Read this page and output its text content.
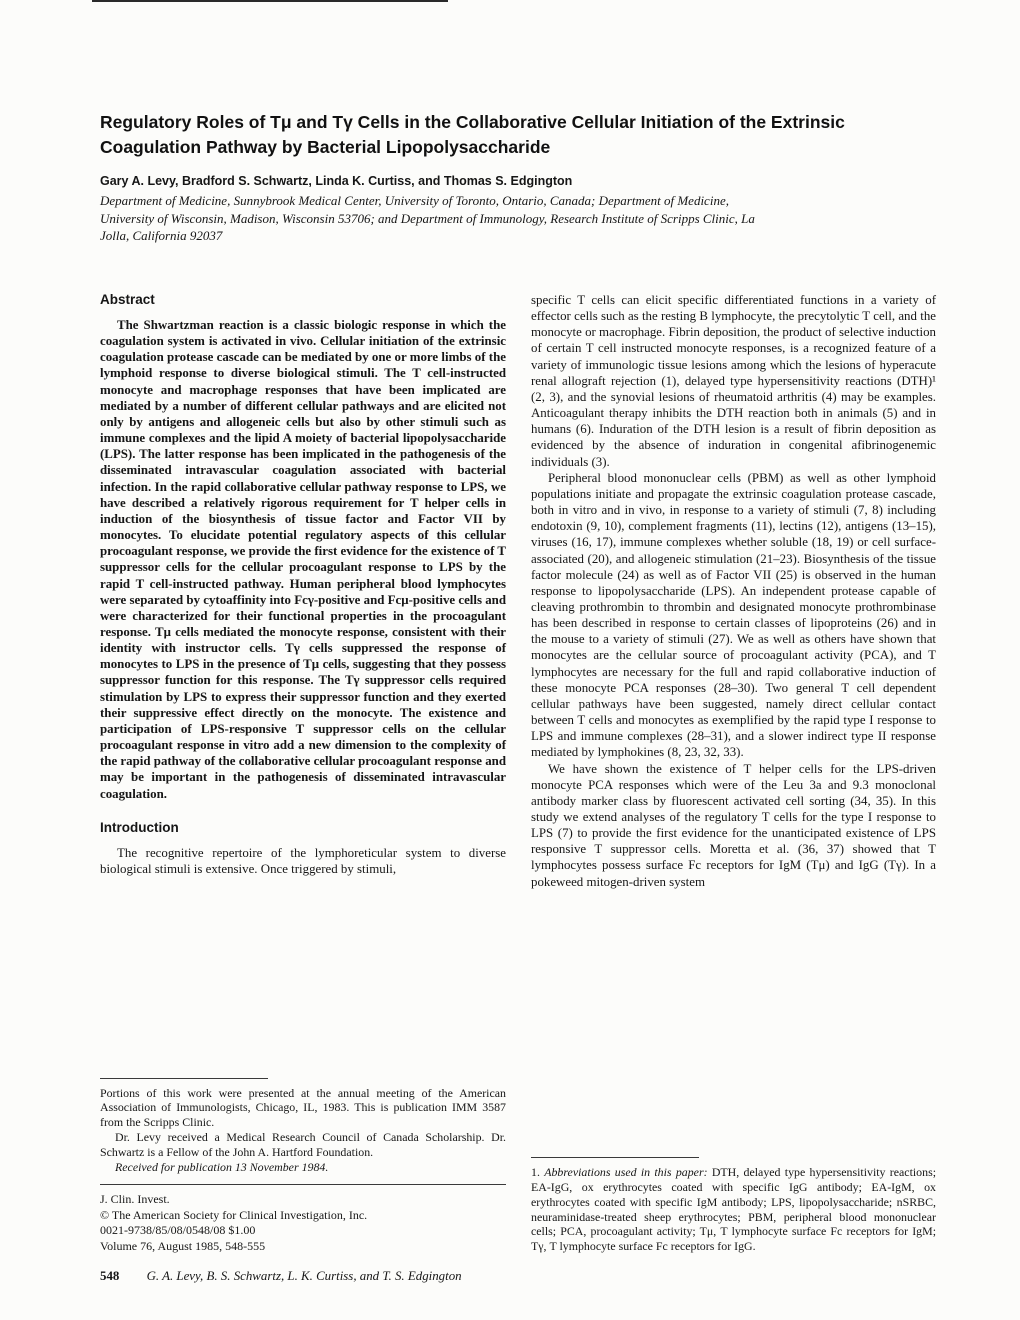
Regulatory Roles of Tμ and Tγ Cells in the Collaborative Cellular Initiation of the Extrinsic Coagulation Pathway by Bacterial Lipopolysaccharide
Gary A. Levy, Bradford S. Schwartz, Linda K. Curtiss, and Thomas S. Edgington
Department of Medicine, Sunnybrook Medical Center, University of Toronto, Ontario, Canada; Department of Medicine, University of Wisconsin, Madison, Wisconsin 53706; and Department of Immunology, Research Institute of Scripps Clinic, La Jolla, California 92037
Abstract

The Shwartzman reaction is a classic biologic response in which the coagulation system is activated in vivo. Cellular initiation of the extrinsic coagulation protease cascade can be mediated by one or more limbs of the lymphoid response to diverse biological stimuli. The T cell-instructed monocyte and macrophage responses that have been implicated are mediated by a number of different cellular pathways and are elicited not only by antigens and allogeneic cells but also by other stimuli such as immune complexes and the lipid A moiety of bacterial lipopolysaccharide (LPS). The latter response has been implicated in the pathogenesis of the disseminated intravascular coagulation associated with bacterial infection. In the rapid collaborative cellular pathway response to LPS, we have described a relatively rigorous requirement for T helper cells in induction of the biosynthesis of tissue factor and Factor VII by monocytes. To elucidate potential regulatory aspects of this cellular procoagulant response, we provide the first evidence for the existence of T suppressor cells for the cellular procoagulant response to LPS by the rapid T cell-instructed pathway. Human peripheral blood lymphocytes were separated by cytoaffinity into Fcγ-positive and Fcμ-positive cells and were characterized for their functional properties in the procoagulant response. Tμ cells mediated the monocyte response, consistent with their identity with instructor cells. Tγ cells suppressed the response of monocytes to LPS in the presence of Tμ cells, suggesting that they possess suppressor function for this response. The Tγ suppressor cells required stimulation by LPS to express their suppressor function and they exerted their suppressive effect directly on the monocyte. The existence and participation of LPS-responsive T suppressor cells on the cellular procoagulant response in vitro add a new dimension to the complexity of the rapid pathway of the collaborative cellular procoagulant response and may be important in the pathogenesis of disseminated intravascular coagulation.

Introduction

The recognitive repertoire of the lymphoreticular system to diverse biological stimuli is extensive. Once triggered by stimuli,

Portions of this work were presented at the annual meeting of the American Association of Immunologists, Chicago, IL, 1983. This is publication IMM 3587 from the Scripps Clinic.

Dr. Levy received a Medical Research Council of Canada Scholarship. Dr. Schwartz is a Fellow of the John A. Hartford Foundation.

Received for publication 13 November 1984.

J. Clin. Invest.

© The American Society for Clinical Investigation, Inc.

0021-9738/85/08/0548/08 $1.00

Volume 76, August 1985, 548-555

specific T cells can elicit specific differentiated functions in a variety of effector cells such as the resting B lymphocyte, the precytolytic T cell, and the monocyte or macrophage. Fibrin deposition, the product of selective induction of certain T cell instructed monocyte responses, is a recognized feature of a variety of immunologic tissue lesions among which the lesions of hyperacute renal allograft rejection (1), delayed type hypersensitivity reactions (DTH)¹ (2, 3), and the synovial lesions of rheumatoid arthritis (4) may be examples. Anticoagulant therapy inhibits the DTH reaction both in animals (5) and in humans (6). Induration of the DTH lesion is a result of fibrin deposition as evidenced by the absence of induration in congenital afibrinogenemic individuals (3).

Peripheral blood mononuclear cells (PBM) as well as other lymphoid populations initiate and propagate the extrinsic coagulation protease cascade, both in vitro and in vivo, in response to a variety of stimuli (7, 8) including endotoxin (9, 10), complement fragments (11), lectins (12), antigens (13–15), viruses (16, 17), immune complexes whether soluble (18, 19) or cell surface-associated (20), and allogeneic stimulation (21–23). Biosynthesis of the tissue factor molecule (24) as well as of Factor VII (25) is observed in the human response to lipopolysaccharide (LPS). An independent protease capable of cleaving prothrombin to thrombin and designated monocyte prothrombinase has been described in response to certain classes of lipoproteins (26) and in the mouse to a variety of stimuli (27). We as well as others have shown that monocytes are the cellular source of procoagulant activity (PCA), and T lymphocytes are necessary for the full and rapid collaborative induction of these monocyte PCA responses (28–30). Two general T cell dependent cellular pathways have been suggested, namely direct cellular contact between T cells and monocytes as exemplified by the rapid type I response to LPS and immune complexes (28–31), and a slower indirect type II response mediated by lymphokines (8, 23, 32, 33).

We have shown the existence of T helper cells for the LPS-driven monocyte PCA responses which were of the Leu 3a and 9.3 monoclonal antibody marker class by fluorescent activated cell sorting (34, 35). In this study we extend analyses of the regulatory T cells for the type I response to LPS (7) to provide the first evidence for the unanticipated existence of LPS responsive T suppressor cells. Moretta et al. (36, 37) showed that T lymphocytes possess surface Fc receptors for IgM (Tμ) and IgG (Tγ). In a pokeweed mitogen-driven system

1. Abbreviations used in this paper: DTH, delayed type hypersensitivity reactions; EA-IgG, ox erythrocytes coated with specific IgG antibody; EA-IgM, ox erythrocytes coated with specific IgM antibody; LPS, lipopolysaccharide; nSRBC, neuraminidase-treated sheep erythrocytes; PBM, peripheral blood mononuclear cells; PCA, procoagulant activity; Tμ, T lymphocyte surface Fc receptors for IgM; Tγ, T lymphocyte surface Fc receptors for IgG.

548 G. A. Levy, B. S. Schwartz, L. K. Curtiss, and T. S. Edgington
